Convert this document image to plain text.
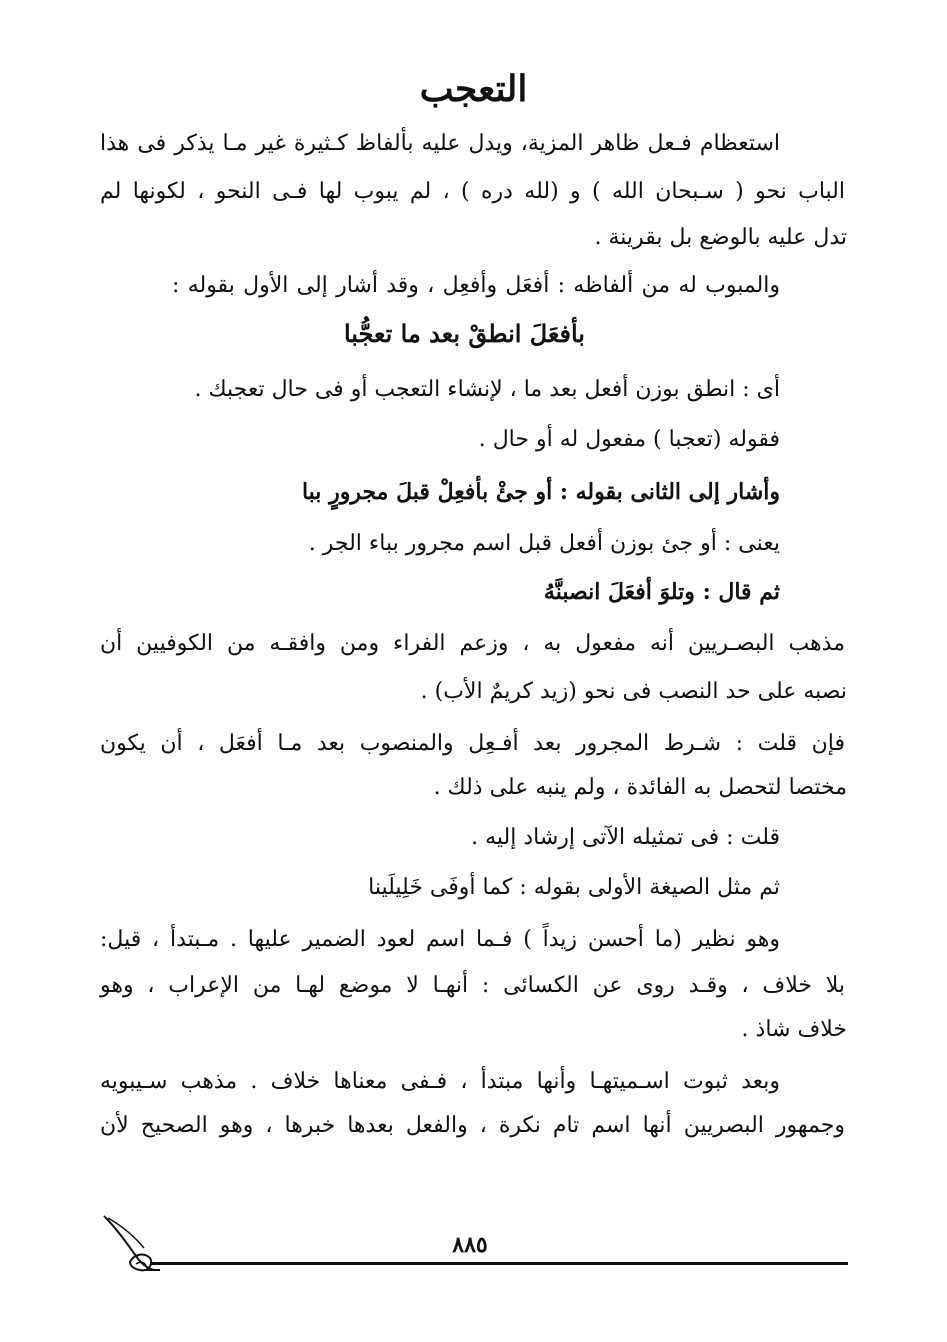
التعجب
استعظام فـعل ظاهر المزية، ويدل عليه بألفاظ كـثيرة غير مـا يذكر فى هذا
الباب نحو ( سـبحان الله ) و (لله دره ) ، لم يبوب لها فـى النحو ، لكونها لم
تدل عليه بالوضع بل بقرينة .
والمبوب له من ألفاظه : أفعَل وأفعِل ، وقد أشار إلى الأول بقوله :
بأفعَلَ انطقْ بعد ما تعجُّبا
أى : انطق بوزن أفعل بعد ما ، لإنشاء التعجب أو فى حال تعجبك .
فقوله (تعجبا ) مفعول له أو حال .
وأشار إلى الثانى بقوله : أو جئْ بأفعِلْ قبلَ مجرورٍ ببا
يعنى : أو جئ بوزن أفعل قبل اسم مجرور بباء الجر .
ثم قال : وتلوَ أفعَلَ انصبنَّهُ
مذهب البصـريين أنه مفعول به ، وزعم الفراء ومن وافقـه من الكوفيين أن
نصبه على حد النصب فى نحو (زيد كريمٌ الأب) .
فإن قلت : شـرط المجرور بعد أفـعِل والمنصوب بعد مـا أفعَل ، أن يكون
مختصا لتحصل به الفائدة ، ولم ينبه على ذلك .
قلت : فى تمثيله الآتى إرشاد إليه .
ثم مثل الصيغة الأولى بقوله : كما أوفَى خَلِيلَينا
وهو نظير (ما أحسن زيداً ) فـما اسم لعود الضمير عليها . مـبتدأ ، قيل:
بلا خلاف ، وقـد روى عن الكسائى : أنهـا لا موضع لهـا من الإعراب ، وهو
خلاف شاذ .
وبعد ثبوت اسـميتهـا وأنها مبتدأ ، فـفى معناها خلاف . مذهب سـيبويه
وجمهور البصريين أنها اسم تام نكرة ، والفعل بعدها خبرها ، وهو الصحيح لأن
٨٨٥
